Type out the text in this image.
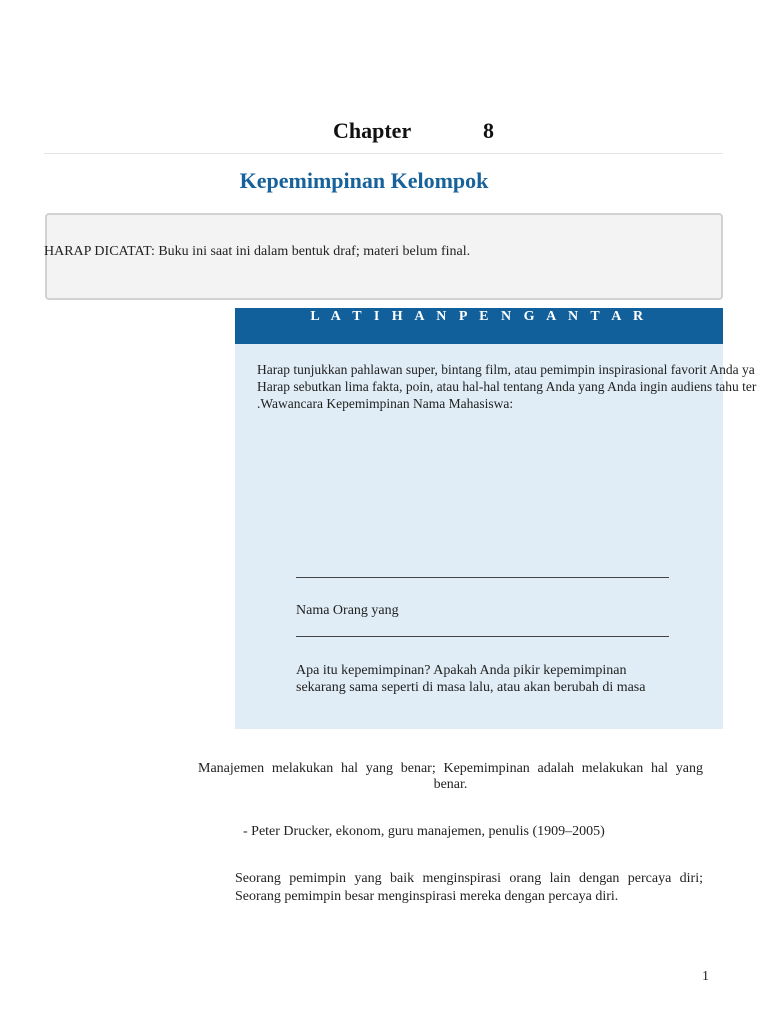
Chapter	8
Kepemimpinan Kelompok
HARAP DICATAT: Buku ini saat ini dalam bentuk draf; materi belum final.
L A T I H A N P E N G A N T A R
Harap tunjukkan pahlawan super, bintang film, atau pemimpin inspirasional favorit Anda ya
Harap sebutkan lima fakta, poin, atau hal-hal tentang Anda yang Anda ingin audiens tahu ter
.Wawancara Kepemimpinan Nama Mahasiswa:
Nama Orang yang
Apa itu kepemimpinan? Apakah Anda pikir kepemimpinan
sekarang sama seperti di masa lalu, atau akan berubah di masa
Manajemen melakukan hal yang benar; Kepemimpinan adalah melakukan hal yang
benar.
- Peter Drucker, ekonom, guru manajemen, penulis (1909–2005)
Seorang pemimpin yang baik menginspirasi orang lain dengan percaya diri;
Seorang pemimpin besar menginspirasi mereka dengan percaya diri.
1
